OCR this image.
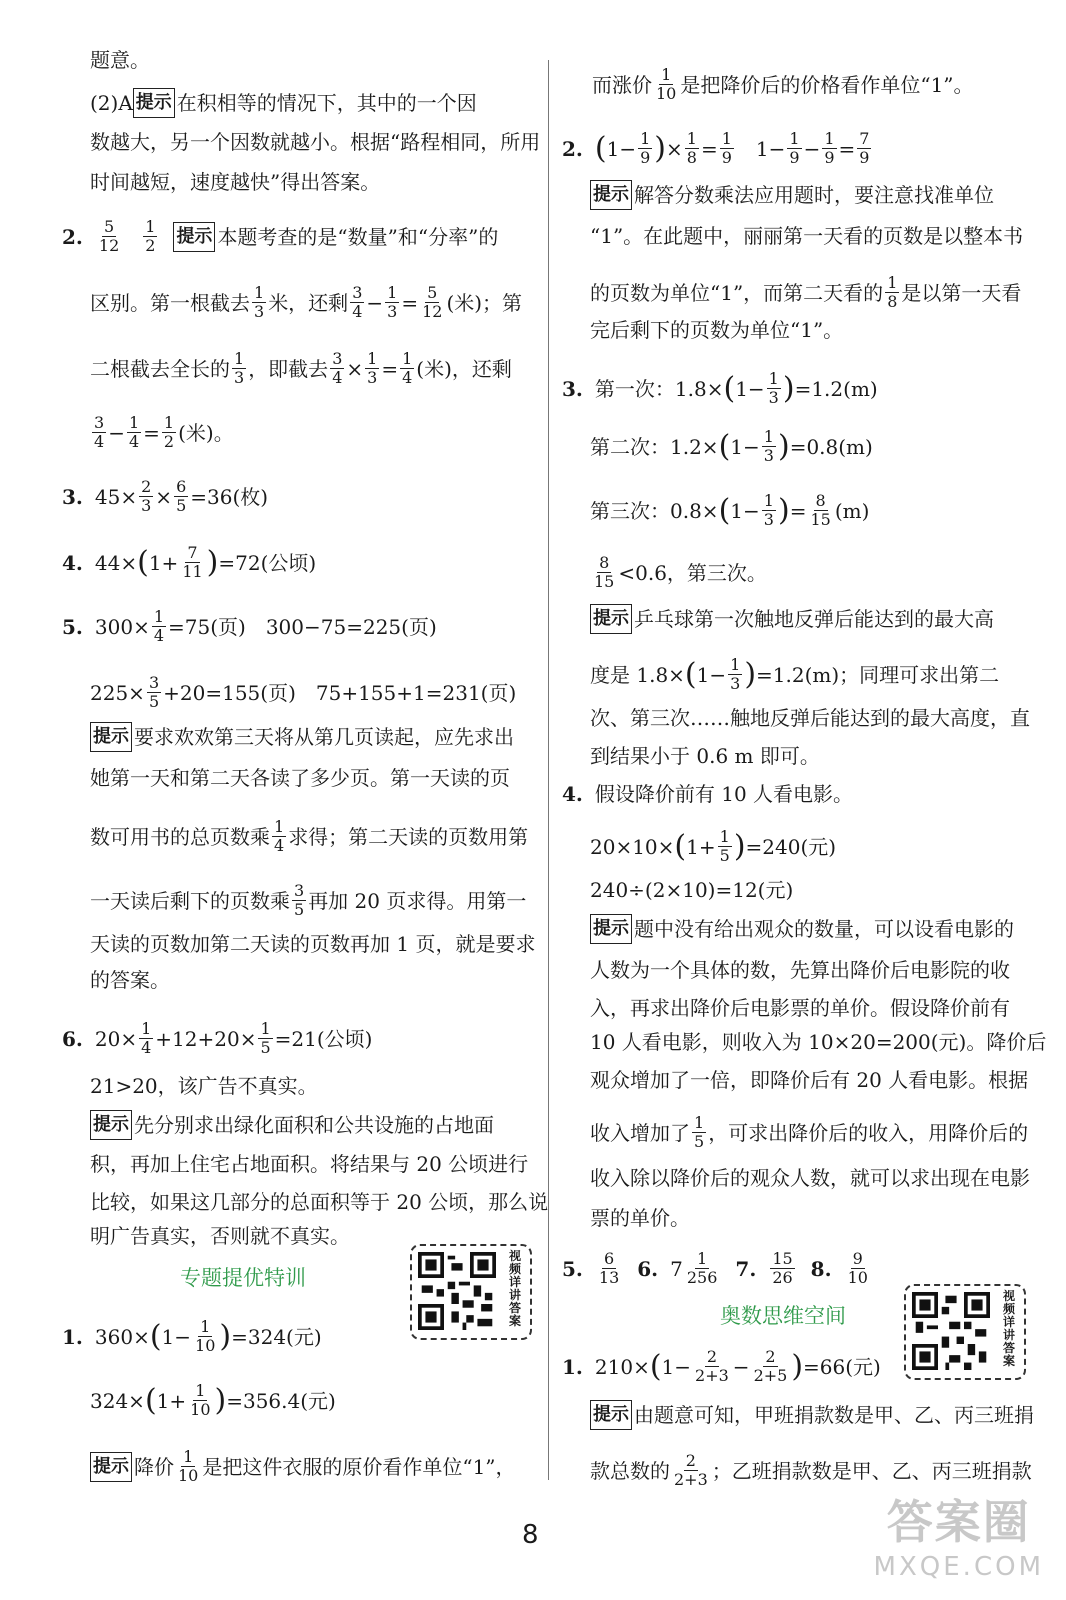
题意。
(2)A 提示 在积相等的情况下，其中的一个因
数越大，另一个因数就越小。根据“路程相同，所用
时间越短，速度越快”得出答案。
2. 5
12
1
2 提示 本题考查的是“数量”和“分率”的
区别。第一根截去 1
3 米，还剩 3
$4 - \frac{1}{3} = \frac{5}{12}$ (米)；第
二根截去全长的 1
3 ，即截去 $\frac{3}{4} \times \frac{1}{3} = \frac{1}{4}$ (米)，还剩
3
$4 - \frac{1}{4} = \frac{1}{2}$ (米)。
3. $45\times \frac{2}{3} \times \frac{6}{5} =36$(枚)
4. 44× ( $1+ \frac{7}{11}$ ) =72(公顷)
5. $300\times \frac{1}{4} =75$(页)　300−75=225(页)
$225\times \frac{3}{5} +20=155$(页)　75+155+1=231(页)
提示 要求欢欢第三天将从第几页读起，应先求出
她第一天和第二天各读了多少页。第一天读的页
数可用书的总页数乘 1
4 求得；第二天读的页数用第
一天读后剩下的页数乘 3
5 再加 20 页求得。用第一
天读的页数加第二天读的页数再加 1 页，就是要求
的答案。
6. $20\times \frac{1}{4} +12+20\times \frac{1}{5} =21$(公顷)
21>20，该广告不真实。
提示 先分别求出绿化面积和公共设施的占地面
积，再加上住宅占地面积。将结果与 20 公顷进行
比较，如果这几部分的总面积等于 20 公顷，那么说
明广告真实，否则就不真实。
专题提优特训
1. 360× ( $1- \frac{1}{10}$ ) =324(元)
324× ( $1+ \frac{1}{10}$ ) =356.4(元)
提示 降价 1
10 是把这件衣服的原价看作单位“1”，
视频详讲答案
而涨价 1
10 是把降价后的价格看作单位“1”。
2. ( $1- \frac{1}{9}$ ) × $\frac{1}{8} = \frac{1}{9}$ 　$1- \frac{1}{9} - \frac{1}{9} = \frac{7}{9}$
提示 解答分数乘法应用题时，要注意找准单位
“1”。在此题中，丽丽第一天看的页数是以整本书
的页数为单位“1”，而第二天看的 1
8 是以第一天看
完后剩下的页数为单位“1”。
3. 第一次：1.8× ( $1- \frac{1}{3}$ ) =1.2(m)
第二次：1.2× ( $1- \frac{1}{3}$ ) =0.8(m)
第三次：0.8× ( $1- \frac{1}{3}$ ) = $\frac{8}{15} (m)$
8
15 <0.6，第三次。
提示 乒乓球第一次触地反弹后能达到的最大高
度是 1.8× ( $1- \frac{1}{3}$ ) =1.2(m)；同理可求出第二
次、第三次……触地反弹后能达到的最大高度，直
到结果小于 0.6 m 即可。
4. 假设降价前有 10 人看电影。
20×10× ( $1+ \frac{1}{5}$ ) =240(元)
240÷(2×10)=12(元)
提示 题中没有给出观众的数量，可以设看电影的
人数为一个具体的数，先算出降价后电影院的收
入，再求出降价后电影票的单价。假设降价前有
10 人看电影，则收入为 10×20=200(元)。降价后
观众增加了一倍，即降价后有 20 人看电影。根据
收入增加了 1
5 ，可求出降价后的收入，用降价后的
收入除以降价后的观众人数，就可以求出现在电影
票的单价。
5. 6
13 6. 7 1
256 7. 15
26 8. 9
10
奥数思维空间
1. 210× ( $1- \frac{2}{2+3} - \frac{2}{2+5}$ ) =66(元)
提示 由题意可知，甲班捐款数是甲、乙、丙三班捐
款总数的 2
2+3 ；乙班捐款数是甲、乙、丙三班捐款
视频详讲答案
8	答案圈
MXQE.COM
